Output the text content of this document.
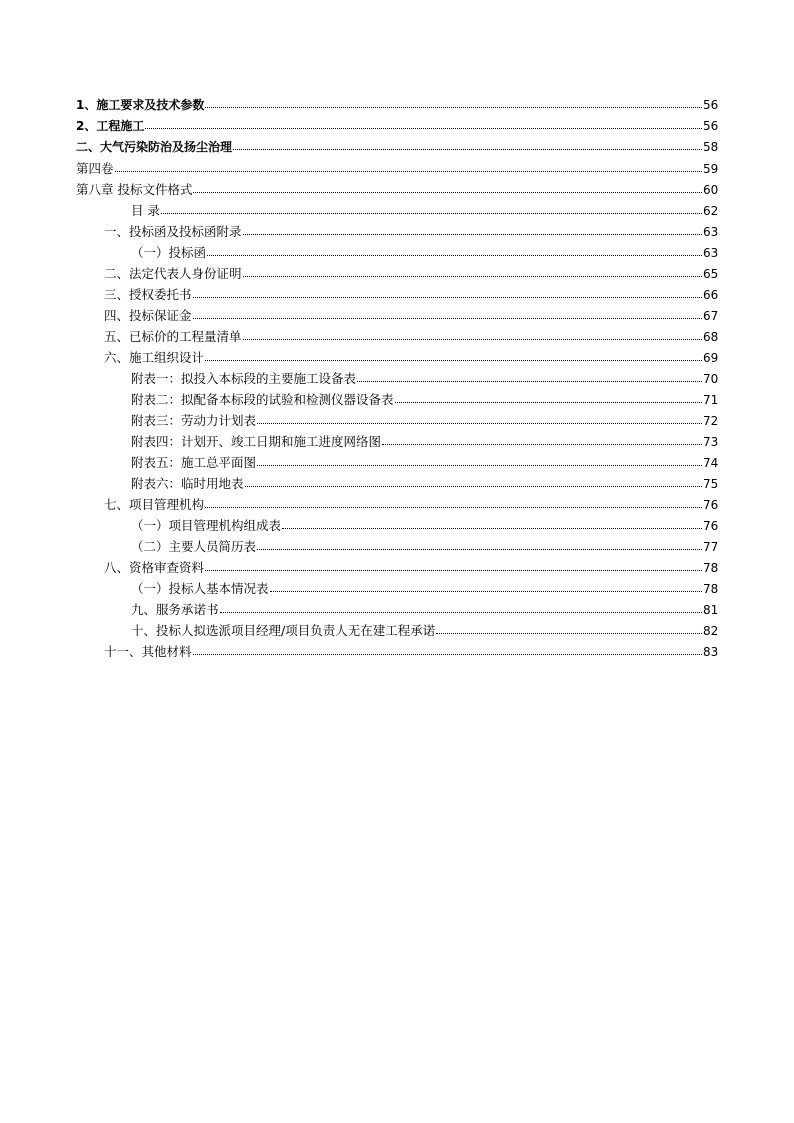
1、施工要求及技术参数	56
2、工程施工	56
二、大气污染防治及扬尘治理	58
第四卷	59
第八章 投标文件格式	60
目 录	62
一、投标函及投标函附录	63
（一）投标函	63
二、法定代表人身份证明	65
三、授权委托书	66
四、投标保证金	67
五、已标价的工程量清单	68
六、施工组织设计	69
附表一：拟投入本标段的主要施工设备表	70
附表二：拟配备本标段的试验和检测仪器设备表	71
附表三：劳动力计划表	72
附表四：计划开、竣工日期和施工进度网络图	73
附表五：施工总平面图	74
附表六：临时用地表	75
七、项目管理机构	76
（一）项目管理机构组成表	76
（二）主要人员简历表	77
八、资格审查资料	78
（一）投标人基本情况表	78
九、服务承诺书	81
十、投标人拟选派项目经理/项目负责人无在建工程承诺	82
十一、其他材料	83
